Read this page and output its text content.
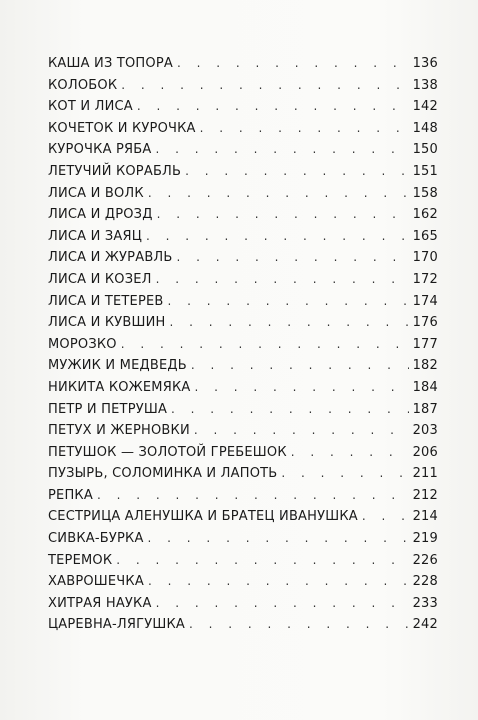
КАША ИЗ ТОПОРА . . .	136
КОЛОБОК . . .	138
КОТ И ЛИСА . . .	142
КОЧЕТОК И КУРОЧКА . . .	148
КУРОЧКА РЯБА . . .	150
ЛЕТУЧИЙ КОРАБЛЬ . . .	151
ЛИСА И ВОЛК . . .	158
ЛИСА И ДРОЗД . . .	162
ЛИСА И ЗАЯЦ . . .	165
ЛИСА И ЖУРАВЛЬ . . .	170
ЛИСА И КОЗЕЛ . . .	172
ЛИСА И ТЕТЕРЕВ . . .	174
ЛИСА И КУВШИН . . .	176
МОРОЗКО . . .	177
МУЖИК И МЕДВЕДЬ . . .	182
НИКИТА КОЖЕМЯКА . . .	184
ПЕТР И ПЕТРУША . . .	187
ПЕТУХ И ЖЕРНОВКИ . . .	203
ПЕТУШОК — ЗОЛОТОЙ ГРЕБЕШОК . . .	206
ПУЗЫРЬ, СОЛОМИНКА И ЛАПОТЬ . . .	211
РЕПКА . . .	212
СЕСТРИЦА АЛЕНУШКА И БРАТЕЦ ИВАНУШКА . . .	214
СИВКА-БУРКА . . .	219
ТЕРЕМОК . . .	226
ХАВРОШЕЧКА . . .	228
ХИТРАЯ НАУКА . . .	233
ЦАРЕВНА-ЛЯГУШКА . . .	242
